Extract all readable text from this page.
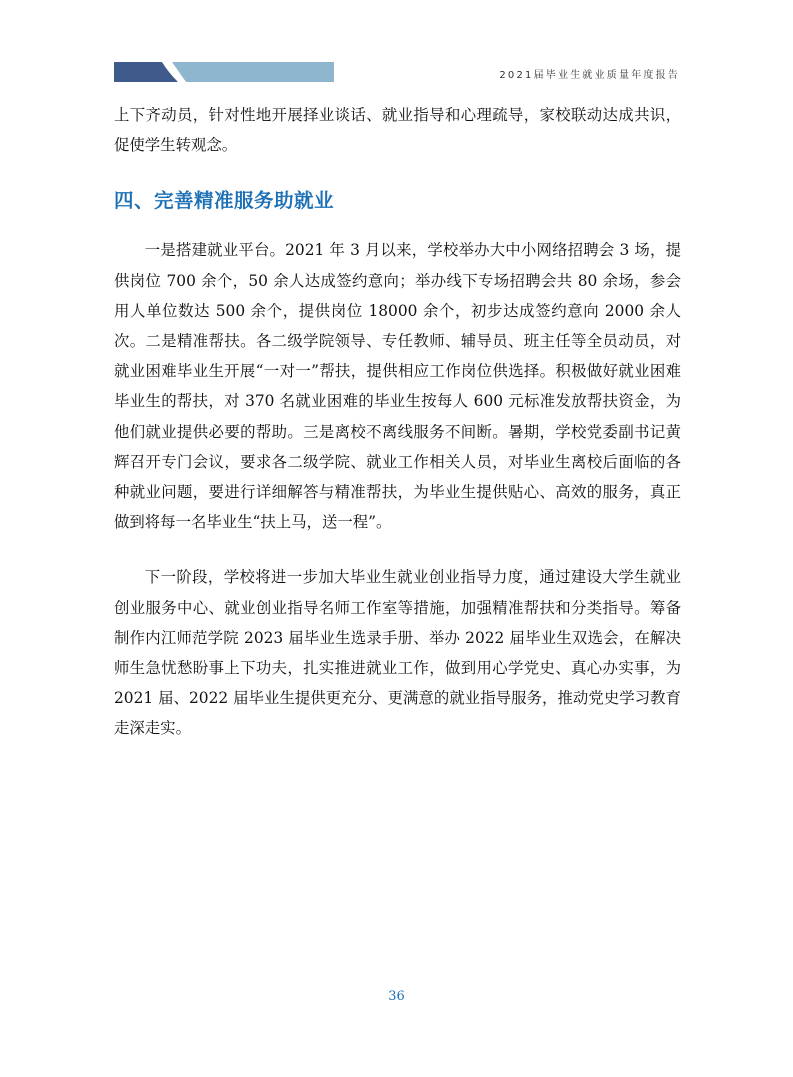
2021届毕业生就业质量年度报告

上下齐动员，针对性地开展择业谈话、就业指导和心理疏导，家校联动达成共识，促使学生转观念。

四、完善精准服务助就业

一是搭建就业平台。2021 年 3 月以来，学校举办大中小网络招聘会 3 场，提供岗位 700 余个，50 余人达成签约意向；举办线下专场招聘会共 80 余场，参会用人单位数达 500 余个，提供岗位 18000 余个，初步达成签约意向 2000 余人次。二是精准帮扶。各二级学院领导、专任教师、辅导员、班主任等全员动员，对就业困难毕业生开展“一对一”帮扶，提供相应工作岗位供选择。积极做好就业困难毕业生的帮扶，对 370 名就业困难的毕业生按每人 600 元标准发放帮扶资金，为他们就业提供必要的帮助。三是离校不离线服务不间断。暑期，学校党委副书记黄辉召开专门会议，要求各二级学院、就业工作相关人员，对毕业生离校后面临的各种就业问题，要进行详细解答与精准帮扶，为毕业生提供贴心、高效的服务，真正做到将每一名毕业生“扶上马，送一程”。

下一阶段，学校将进一步加大毕业生就业创业指导力度，通过建设大学生就业创业服务中心、就业创业指导名师工作室等措施，加强精准帮扶和分类指导。筹备制作内江师范学院 2023 届毕业生选录手册、举办 2022 届毕业生双选会，在解决师生急忧愁盼事上下功夫，扎实推进就业工作，做到用心学党史、真心办实事，为 2021 届、2022 届毕业生提供更充分、更满意的就业指导服务，推动党史学习教育走深走实。

36
